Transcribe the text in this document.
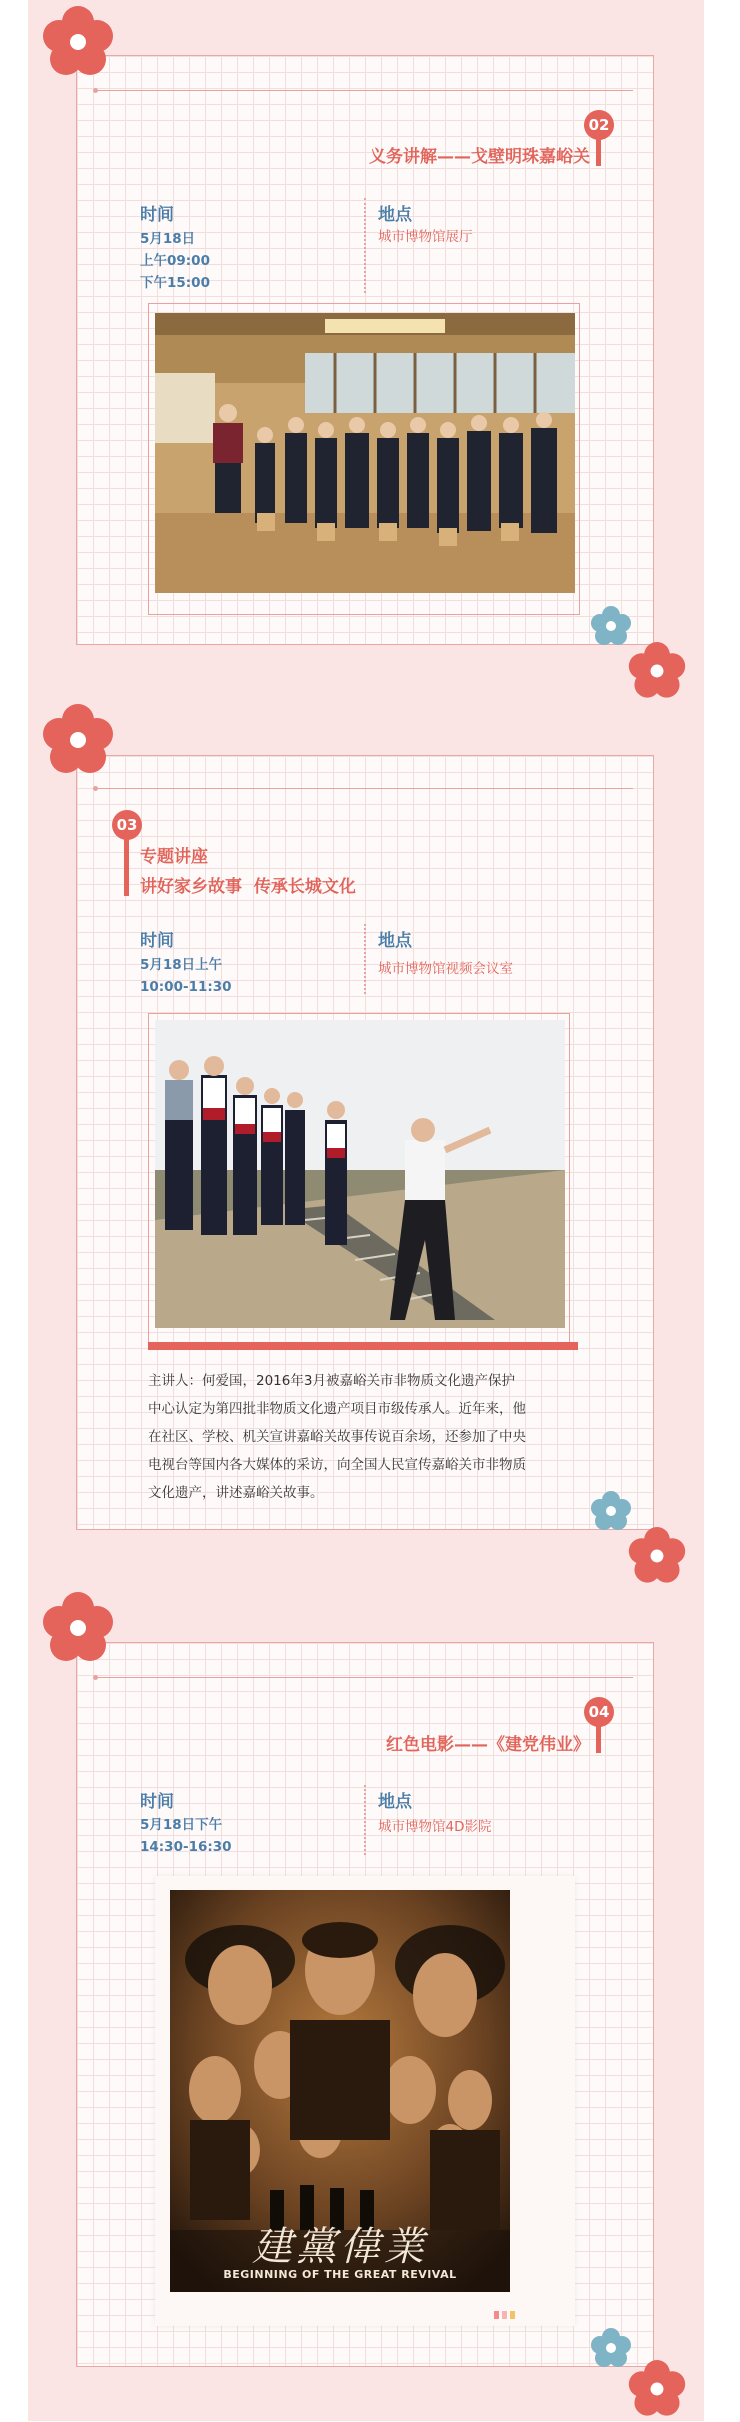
02
义务讲解——戈壁明珠嘉峪关
时间
5月18日
上午09:00
下午15:00
地点
城市博物馆展厅
03
专题讲座
讲好家乡故事  传承长城文化
时间
5月18日上午
10:00-11:30
地点
城市博物馆视频会议室
主讲人：何爱国，2016年3月被嘉峪关市非物质文化遗产保护
中心认定为第四批非物质文化遗产项目市级传承人。近年来，他
在社区、学校、机关宣讲嘉峪关故事传说百余场，还参加了中央
电视台等国内各大媒体的采访，向全国人民宣传嘉峪关市非物质
文化遗产，讲述嘉峪关故事。
04
红色电影——《建党伟业》
时间
5月18日下午
14:30-16:30
地点
城市博物馆4D影院
建黨偉業
BEGINNING OF THE GREAT REVIVAL
